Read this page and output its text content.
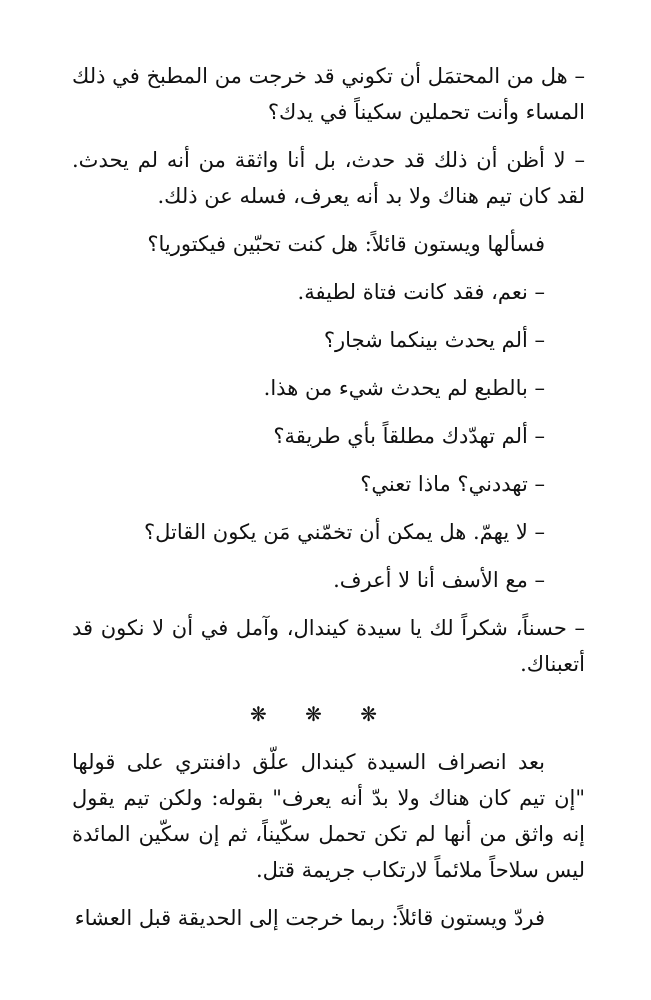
– هل من المحتمَل أن تكوني قد خرجت من المطبخ في ذلك المساء وأنت تحملين سكيناً في يدك؟

– لا أظن أن ذلك قد حدث، بل أنا واثقة من أنه لم يحدث. لقد كان تيم هناك ولا بد أنه يعرف، فسله عن ذلك.

فسألها ويستون قائلاً: هل كنت تحبّين فيكتوريا؟

– نعم، فقد كانت فتاة لطيفة.

– ألم يحدث بينكما شجار؟

– بالطبع لم يحدث شيء من هذا.

– ألم تهدّدك مطلقاً بأي طريقة؟

– تهددني؟ ماذا تعني؟

– لا يهمّ. هل يمكن أن تخمّني مَن يكون القاتل؟

– مع الأسف أنا لا أعرف.

– حسناً، شكراً لك يا سيدة كيندال، وآمل في أن لا نكون قد أتعبناك.

❋ ❋ ❋

بعد انصراف السيدة كيندال علّق دافنتري على قولها "إن تيم كان هناك ولا بدّ أنه يعرف" بقوله: ولكن تيم يقول إنه واثق من أنها لم تكن تحمل سكّيناً، ثم إن سكّين المائدة ليس سلاحاً ملائماً لارتكاب جريمة قتل.

فردّ ويستون قائلاً: ربما خرجت إلى الحديقة قبل العشاء
